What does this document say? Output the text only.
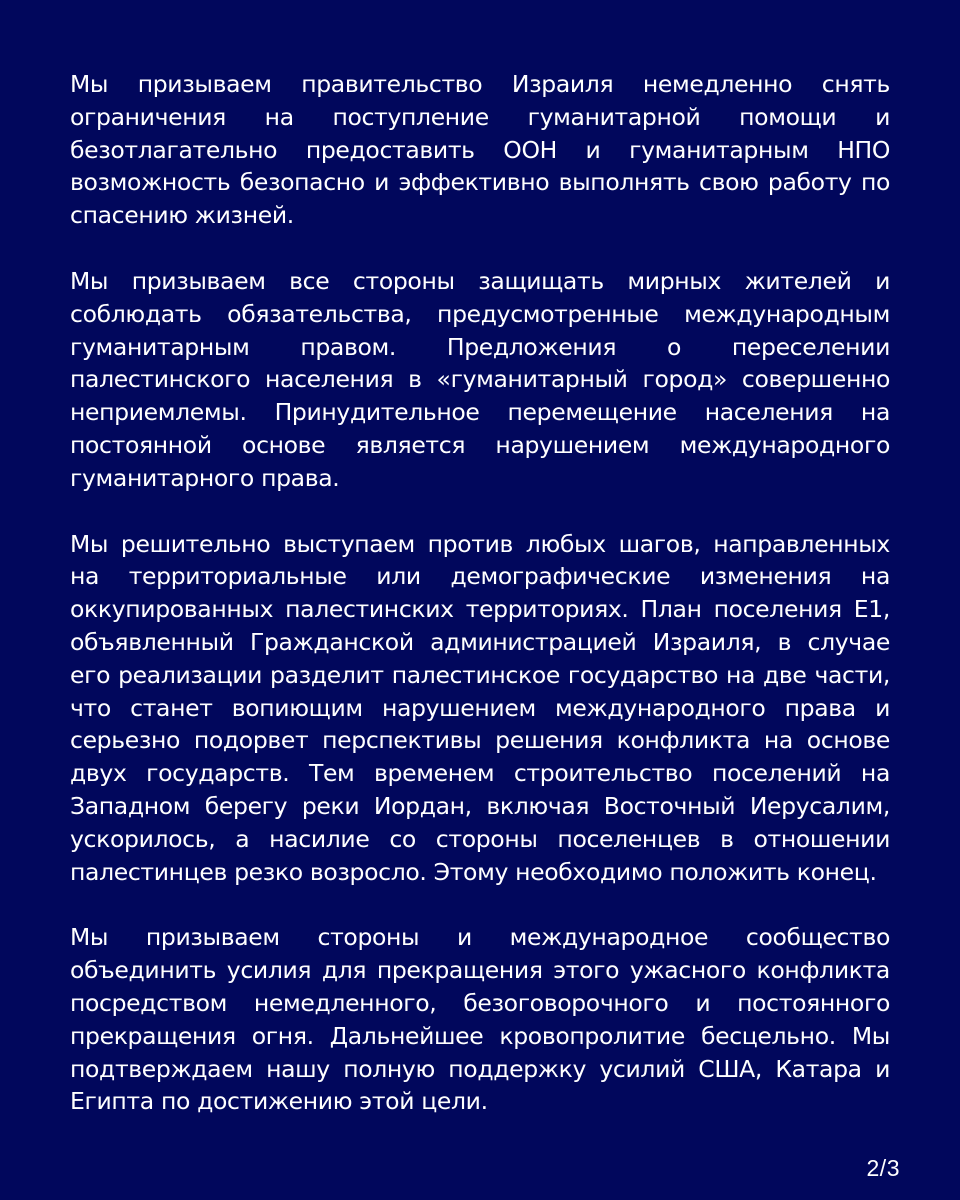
Мы призываем правительство Израиля немедленно снять ограничения на поступление гуманитарной помощи и безотлагательно предоставить ООН и гуманитарным НПО возможность безопасно и эффективно выполнять свою работу по спасению жизней.

Мы призываем все стороны защищать мирных жителей и соблюдать обязательства, предусмотренные международным гуманитарным правом. Предложения о переселении палестинского населения в «гуманитарный город» совершенно неприемлемы. Принудительное перемещение населения на постоянной основе является нарушением международного гуманитарного права.

Мы решительно выступаем против любых шагов, направленных на территориальные или демографические изменения на оккупированных палестинских территориях. План поселения Е1, объявленный Гражданской администрацией Израиля, в случае его реализации разделит палестинское государство на две части, что станет вопиющим нарушением международного права и серьезно подорвет перспективы решения конфликта на основе двух государств. Тем временем строительство поселений на Западном берегу реки Иордан, включая Восточный Иерусалим, ускорилось, а насилие со стороны поселенцев в отношении палестинцев резко возросло. Этому необходимо положить конец.

Мы призываем стороны и международное сообщество объединить усилия для прекращения этого ужасного конфликта посредством немедленного, безоговорочного и постоянного прекращения огня. Дальнейшее кровопролитие бесцельно. Мы подтверждаем нашу полную поддержку усилий США, Катара и Египта по достижению этой цели.

2/3
